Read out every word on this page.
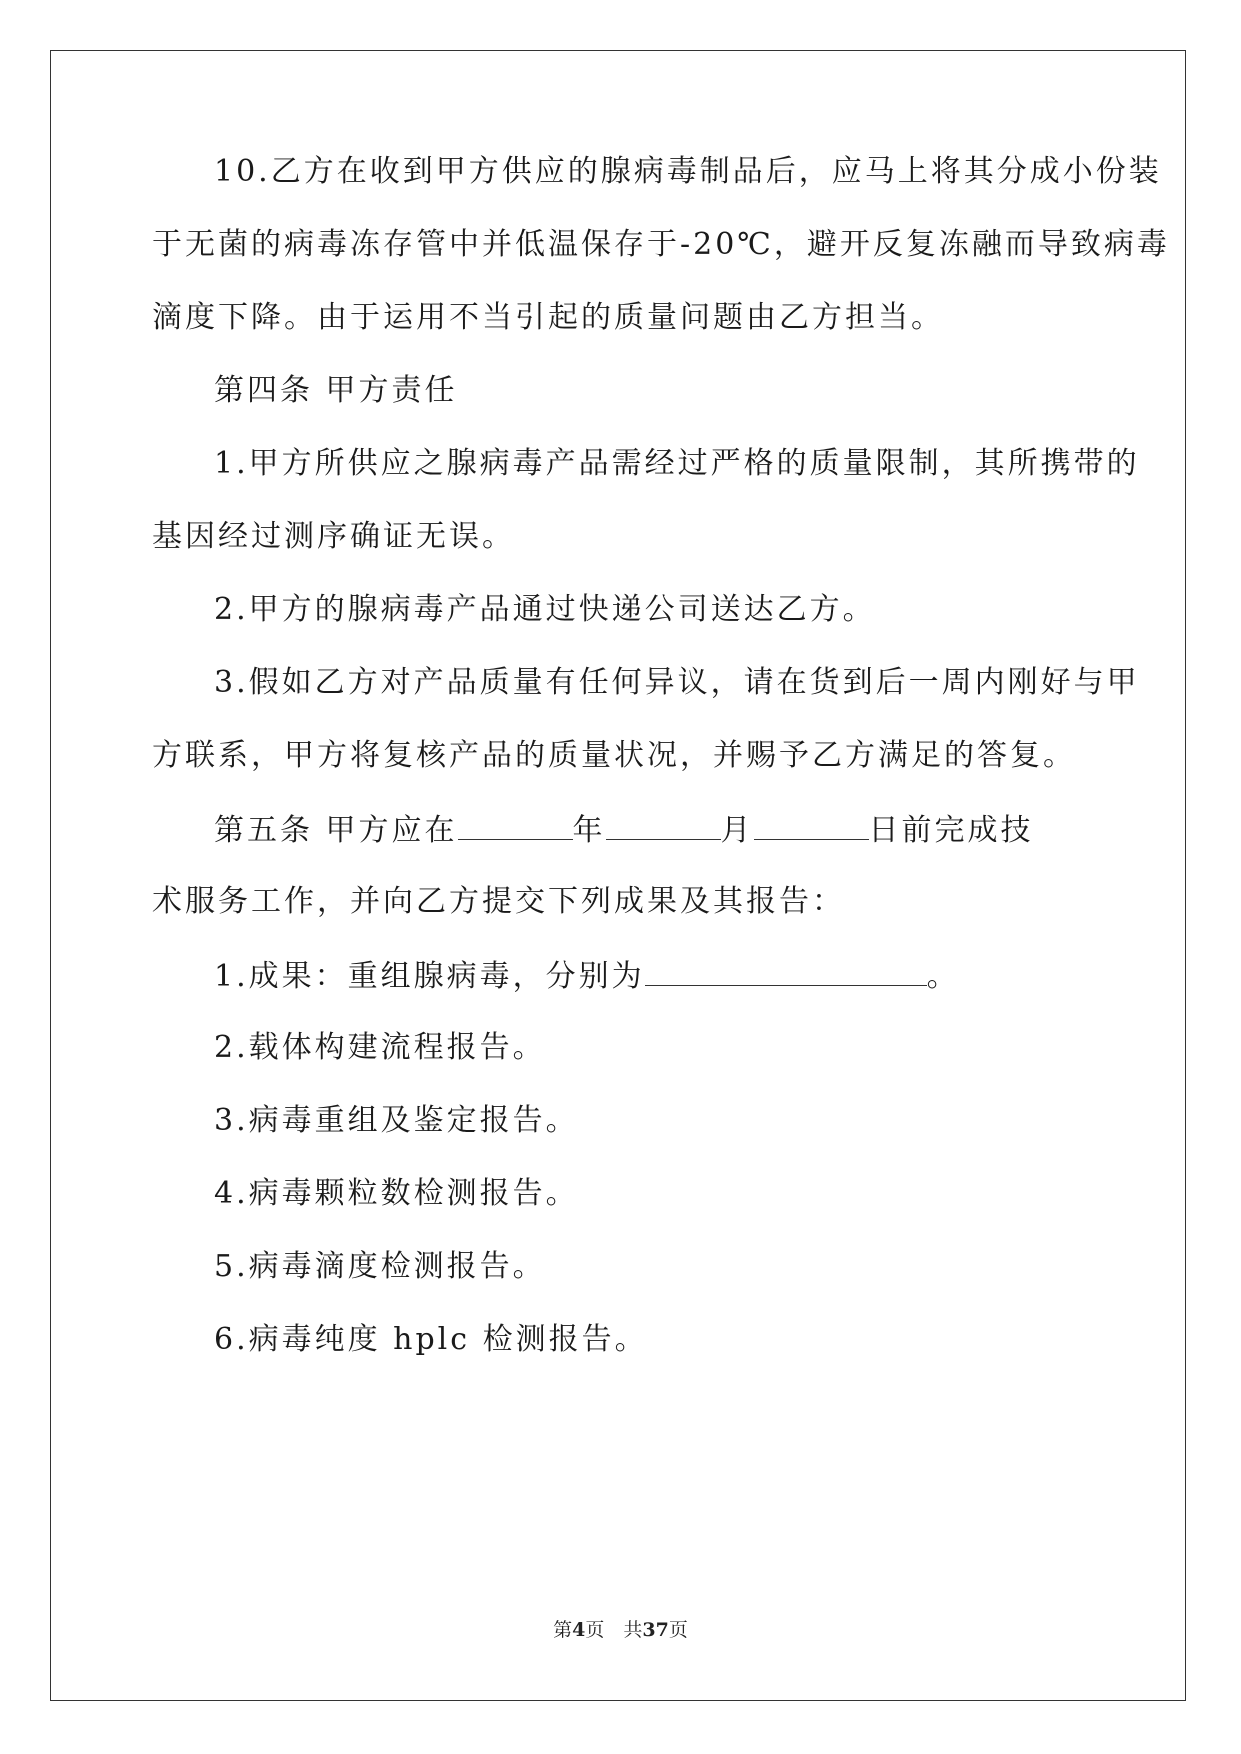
10.乙方在收到甲方供应的腺病毒制品后，应马上将其分成小份装
于无菌的病毒冻存管中并低温保存于-20℃，避开反复冻融而导致病毒
滴度下降。由于运用不当引起的质量问题由乙方担当。
第四条 甲方责任
1.甲方所供应之腺病毒产品需经过严格的质量限制，其所携带的
基因经过测序确证无误。
2.甲方的腺病毒产品通过快递公司送达乙方。
3.假如乙方对产品质量有任何异议，请在货到后一周内刚好与甲
方联系，甲方将复核产品的质量状况，并赐予乙方满足的答复。
第五条 甲方应在	年	月	日前完成技
术服务工作，并向乙方提交下列成果及其报告：
1.成果：重组腺病毒，分别为	。
2.载体构建流程报告。
3.病毒重组及鉴定报告。
4.病毒颗粒数检测报告。
5.病毒滴度检测报告。
6.病毒纯度 hplc 检测报告。
第4页　共37页
